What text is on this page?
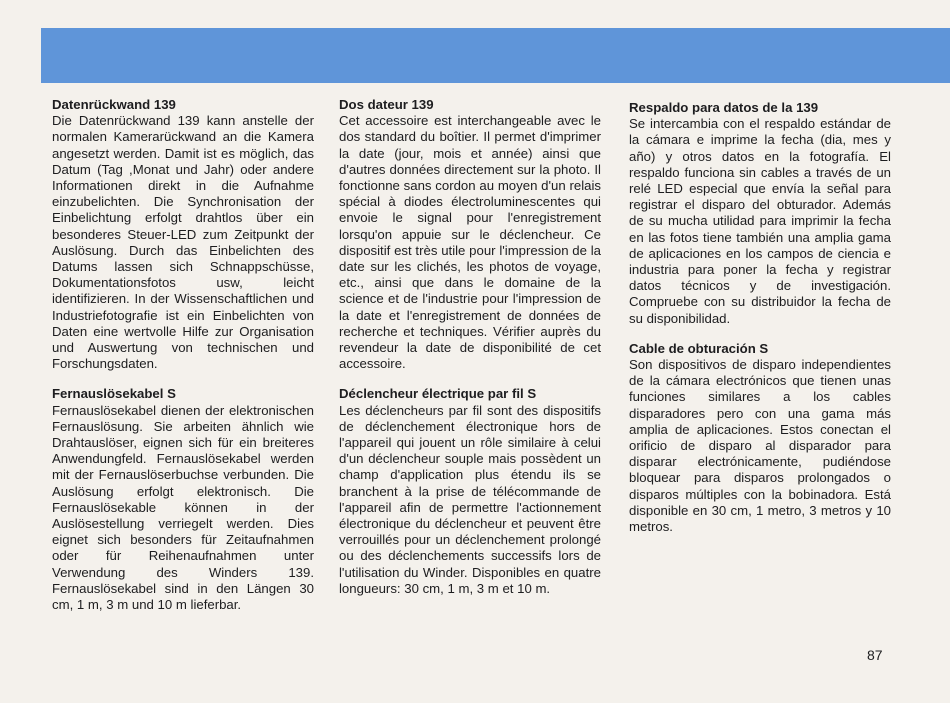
Datenrückwand 139
Die Datenrückwand 139 kann anstelle der normalen Kamerarückwand an die Kamera angesetzt werden. Damit ist es möglich, das Datum (Tag ,Monat und Jahr) oder andere Informationen direkt in die Aufnahme einzubelichten. Die Synchronisation der Einbelichtung erfolgt drahtlos über ein besonderes Steuer-LED zum Zeitpunkt der Auslösung. Durch das Einbelichten des Datums lassen sich Schnappschüsse, Dokumentationsfotos usw, leicht identifizieren. In der Wissenschaftlichen und Industriefotografie ist ein Einbelichten von Daten eine wertvolle Hilfe zur Organisation und Auswertung von technischen und Forschungsdaten.
Fernauslösekabel S
Fernauslösekabel dienen der elektronischen Fernauslösung. Sie arbeiten ähnlich wie Drahtauslöser, eignen sich für ein breiteres Anwendungfeld. Fernauslösekabel werden mit der Fernauslöserbuchse verbunden. Die Auslösung erfolgt elektronisch. Die Fernauslösekable können in der Auslösestellung verriegelt werden. Dies eignet sich besonders für Zeitaufnahmen oder für Reihenaufnahmen unter Verwendung des Winders 139. Fernauslösekabel sind in den Längen 30 cm, 1 m, 3 m und 10 m lieferbar.
Dos dateur 139
Cet accessoire est interchangeable avec le dos standard du boîtier. Il permet d'imprimer la date (jour, mois et année) ainsi que d'autres données directement sur la photo. Il fonctionne sans cordon au moyen d'un relais spécial à diodes électroluminescentes qui envoie le signal pour l'enregistrement lorsqu'on appuie sur le déclencheur. Ce dispositif est très utile pour l'impression de la date sur les clichés, les photos de voyage, etc., ainsi que dans le domaine de la science et de l'industrie pour l'impression de la date et l'enregistrement de données de recherche et techniques. Vérifier auprès du revendeur la date de disponibilité de cet accessoire.
Déclencheur électrique par fil S
Les déclencheurs par fil sont des dispositifs de déclenchement électronique hors de l'appareil qui jouent un rôle similaire à celui d'un déclencheur souple mais possèdent un champ d'application plus étendu ils se branchent à la prise de télécommande de l'appareil afin de permettre l'actionnement électronique du déclencheur et peuvent être verrouillés pour un déclenchement prolongé ou des déclenchements successifs lors de l'utilisation du Winder. Disponibles en quatre longueurs: 30 cm, 1 m, 3 m et 10 m.
Respaldo para datos de la 139
Se intercambia con el respaldo estándar de la cámara e imprime la fecha (dia, mes y año) y otros datos en la fotografía. El respaldo funciona sin cables a través de un relé LED especial que envía la señal para registrar el disparo del obturador. Además de su mucha utilidad para imprimir la fecha en las fotos tiene también una amplia gama de aplicaciones en los campos de ciencia e industria para poner la fecha y registrar datos técnicos y de investigación. Compruebe con su distribuidor la fecha de su disponibilidad.
Cable de obturación S
Son dispositivos de disparo independientes de la cámara electrónicos que tienen unas funciones similares a los cables disparadores pero con una gama más amplia de aplicaciones. Estos conectan el orificio de disparo al disparador para disparar electrónicamente, pudiéndose bloquear para disparos prolongados o disparos múltiples con la bobinadora. Está disponible en 30 cm, 1 metro, 3 metros y 10 metros.
87
